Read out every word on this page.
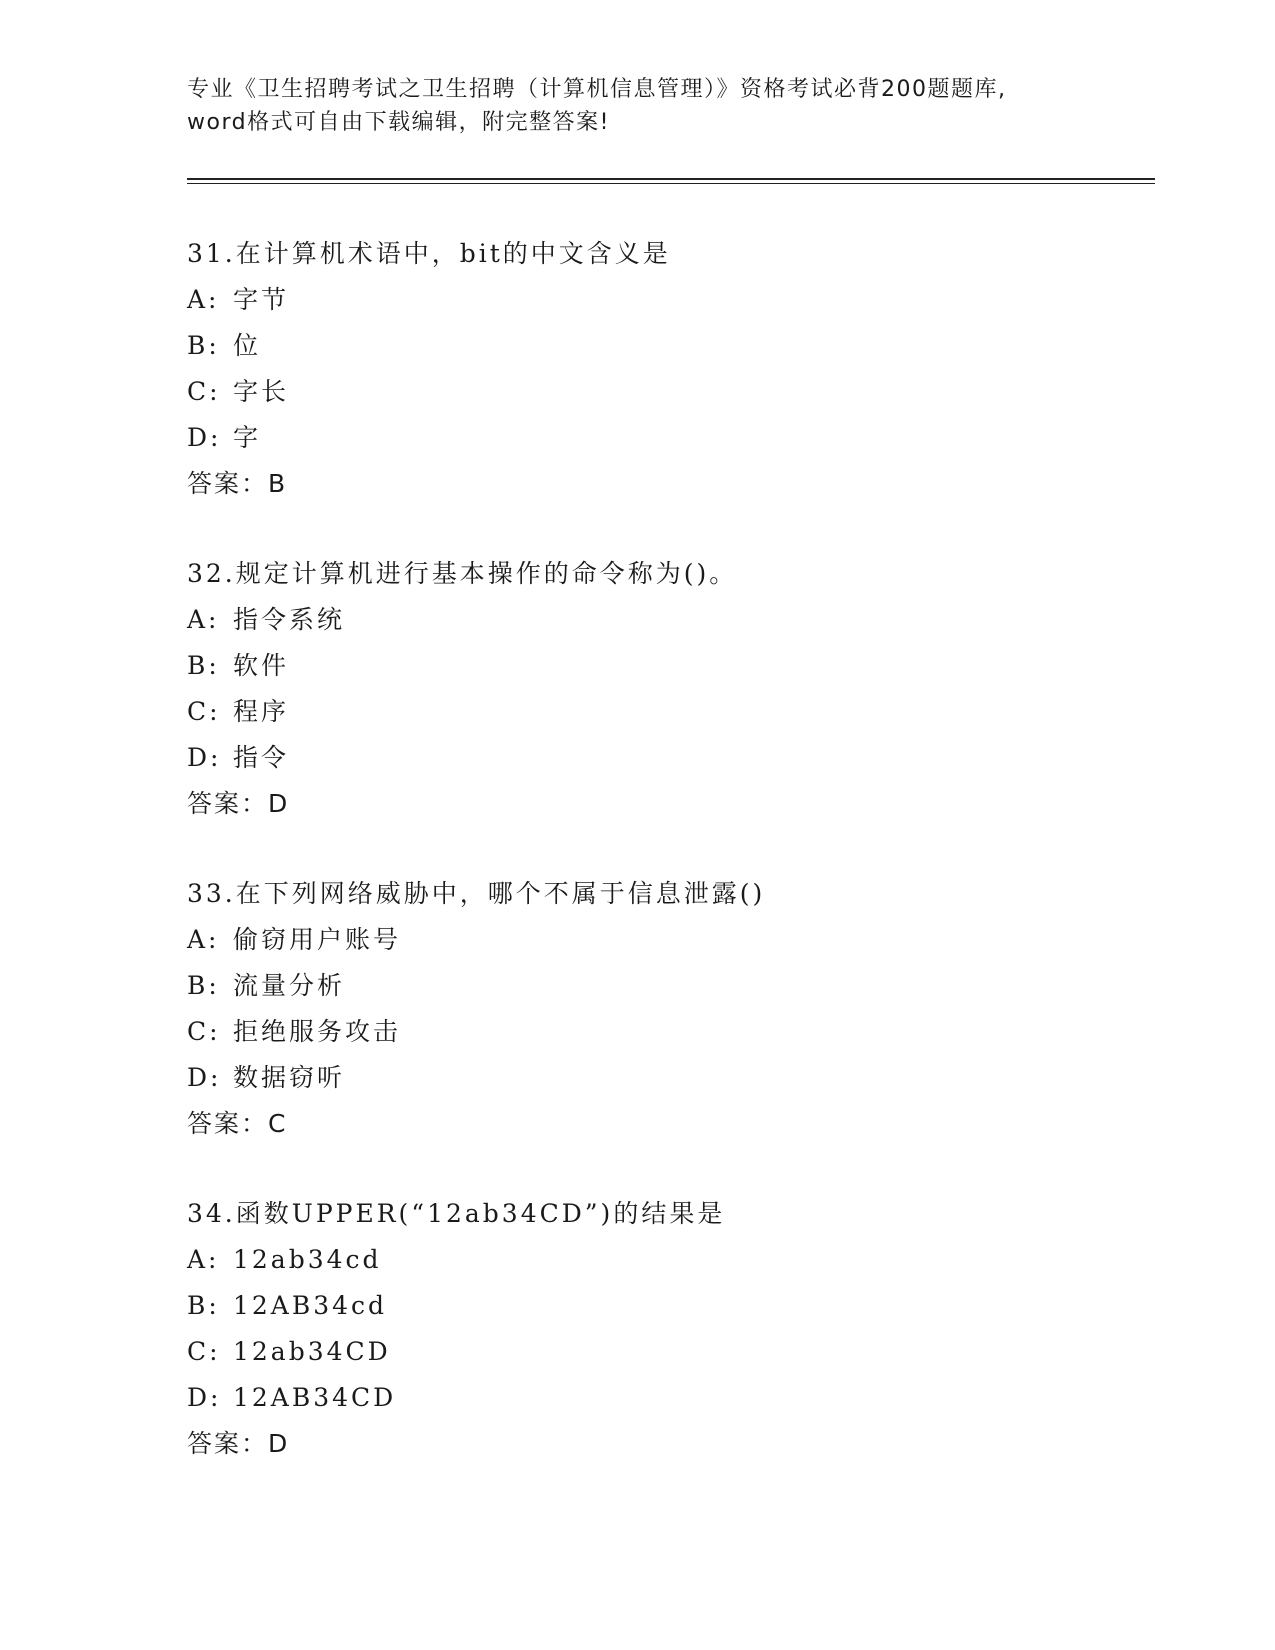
专业《卫生招聘考试之卫生招聘（计算机信息管理）》资格考试必背200题题库,
word格式可自由下载编辑，附完整答案!
31.在计算机术语中，bit的中文含义是
A: 字节
B: 位
C: 字长
D: 字
答案：B
32.规定计算机进行基本操作的命令称为()。
A: 指令系统
B: 软件
C: 程序
D: 指令
答案：D
33.在下列网络威胁中，哪个不属于信息泄露()
A: 偷窃用户账号
B: 流量分析
C: 拒绝服务攻击
D: 数据窃听
答案：C
34.函数UPPER(“12ab34CD”)的结果是
A: 12ab34cd
B: 12AB34cd
C: 12ab34CD
D: 12AB34CD
答案：D
